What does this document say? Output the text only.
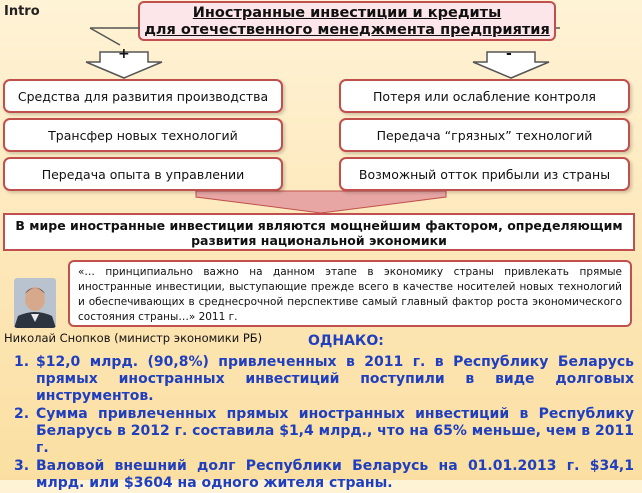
Intro	Иностранные инвестиции и кредиты
для отечественного менеджмента предприятия
+	-
Средства для развития производства
Трансфер новых технологий
Передача опыта в управлении
Потеря или ослабление контроля
Передача “грязных” технологий
Возможный отток прибыли из страны
В мире иностранные инвестиции являются мощнейшим фактором, определяющим развития национальной экономики
«… принципиально важно на данном этапе в экономику страны привлекать прямые иностранные инвестиции, выступающие прежде всего в качестве носителей новых технологий и обеспечивающих в среднесрочной перспективе самый главный фактор роста экономического состояния страны…» 2011 г.
Николай Снопков (министр экономики РБ)	ОДНАКО:
1. $12,0 млрд. (90,8%) привлеченных в 2011 г. в Республику Беларусь прямых иностранных инвестиций поступили в виде долговых инструментов.
2. Сумма привлеченных прямых иностранных инвестиций в Республику Беларусь в 2012 г. составила $1,4 млрд., что на 65% меньше, чем в 2011 г.
3. Валовой внешний долг Республики Беларусь на 01.01.2013 г. $34,1 млрд. или $3604 на одного жителя страны.
